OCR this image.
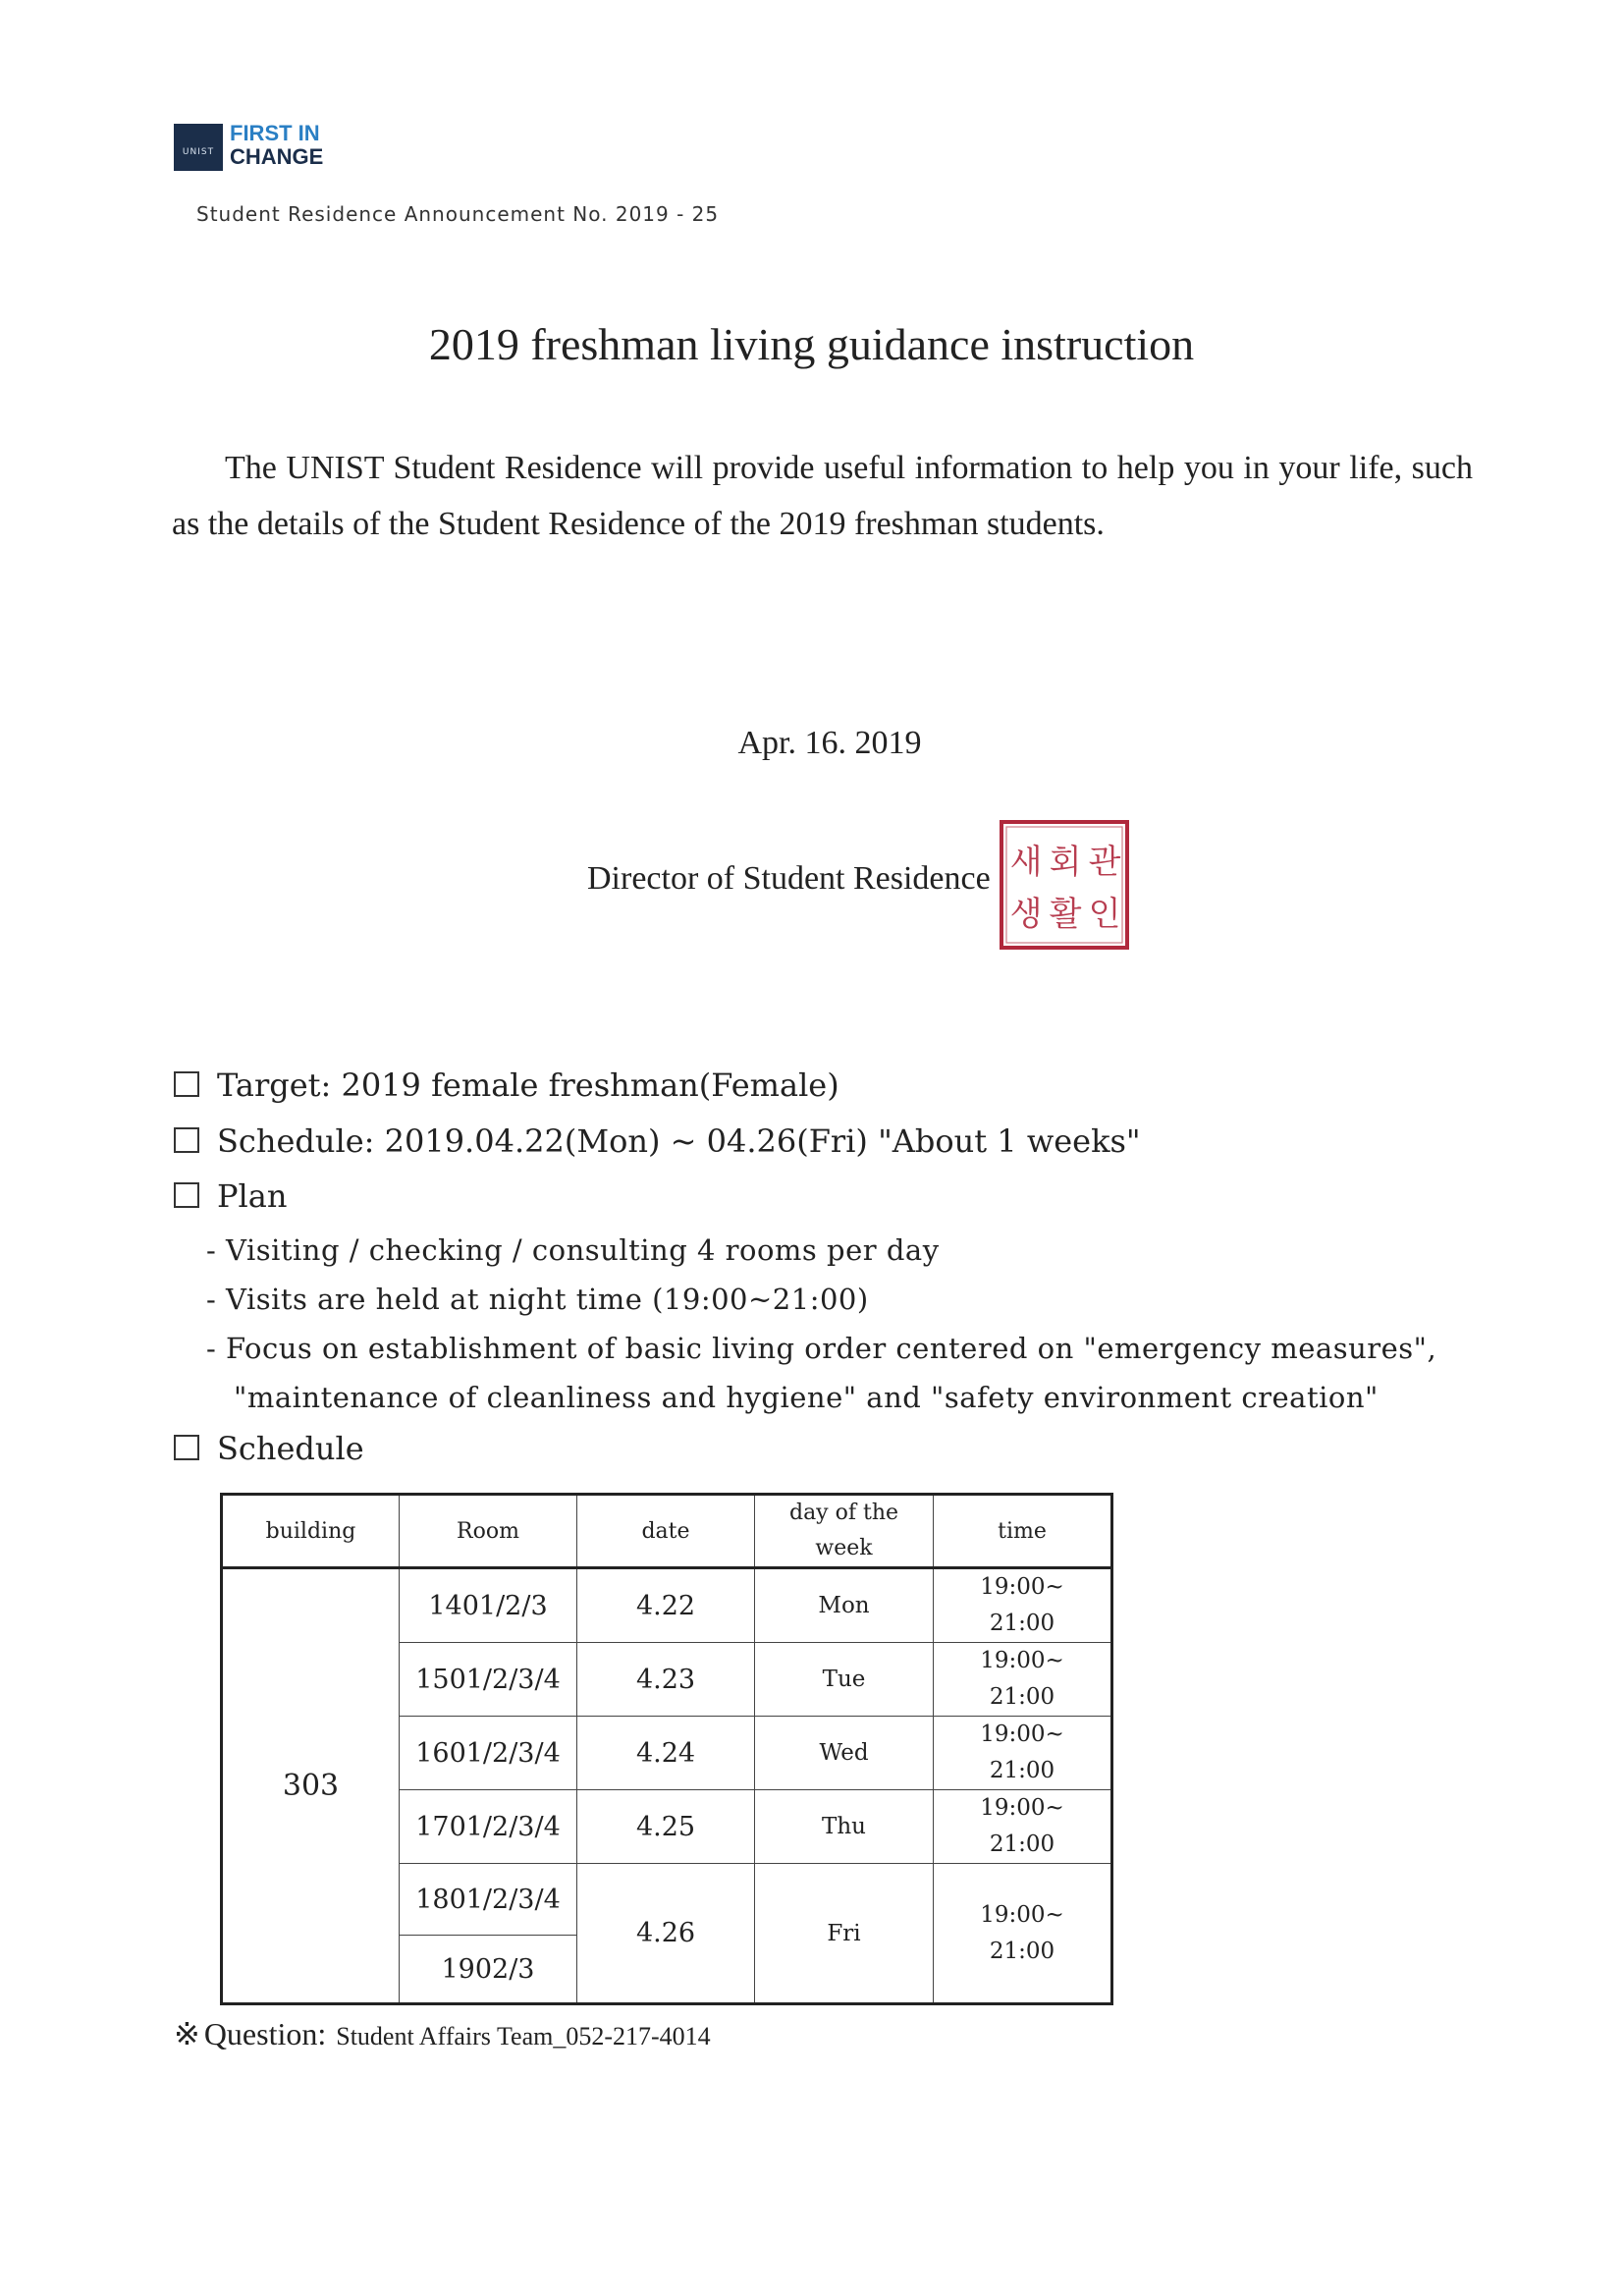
UNIST
FIRST IN
CHANGE
Student Residence Announcement No. 2019 - 25
2019 freshman living guidance instruction
The UNIST Student Residence will provide useful information to help you in your life, such as the details of the Student Residence of the 2019 freshman students.
Apr. 16. 2019
새 회 관
생 활 인
Director of Student Residence
Target: 2019 female freshman(Female)
Schedule: 2019.04.22(Mon) ~ 04.26(Fri) "About 1 weeks"
Plan
- Visiting / checking / consulting 4 rooms per day
- Visits are held at night time (19:00~21:00)
- Focus on establishment of basic living order centered on "emergency measures",
"maintenance of cleanliness and hygiene" and "safety environment creation"
Schedule
building	Room	date	day of the week	time
303	1401/2/3	4.22	Mon	19:00~
21:00

	1501/2/3/4	4.23	Tue	19:00~
21:00

	1601/2/3/4	4.24	Wed	19:00~
21:00

	1701/2/3/4	4.25	Thu	19:00~
21:00

	1801/2/3/4	4.26	Fri	19:00~
21:00

	1902/3			
※ Question: Student Affairs Team_052-217-4014
